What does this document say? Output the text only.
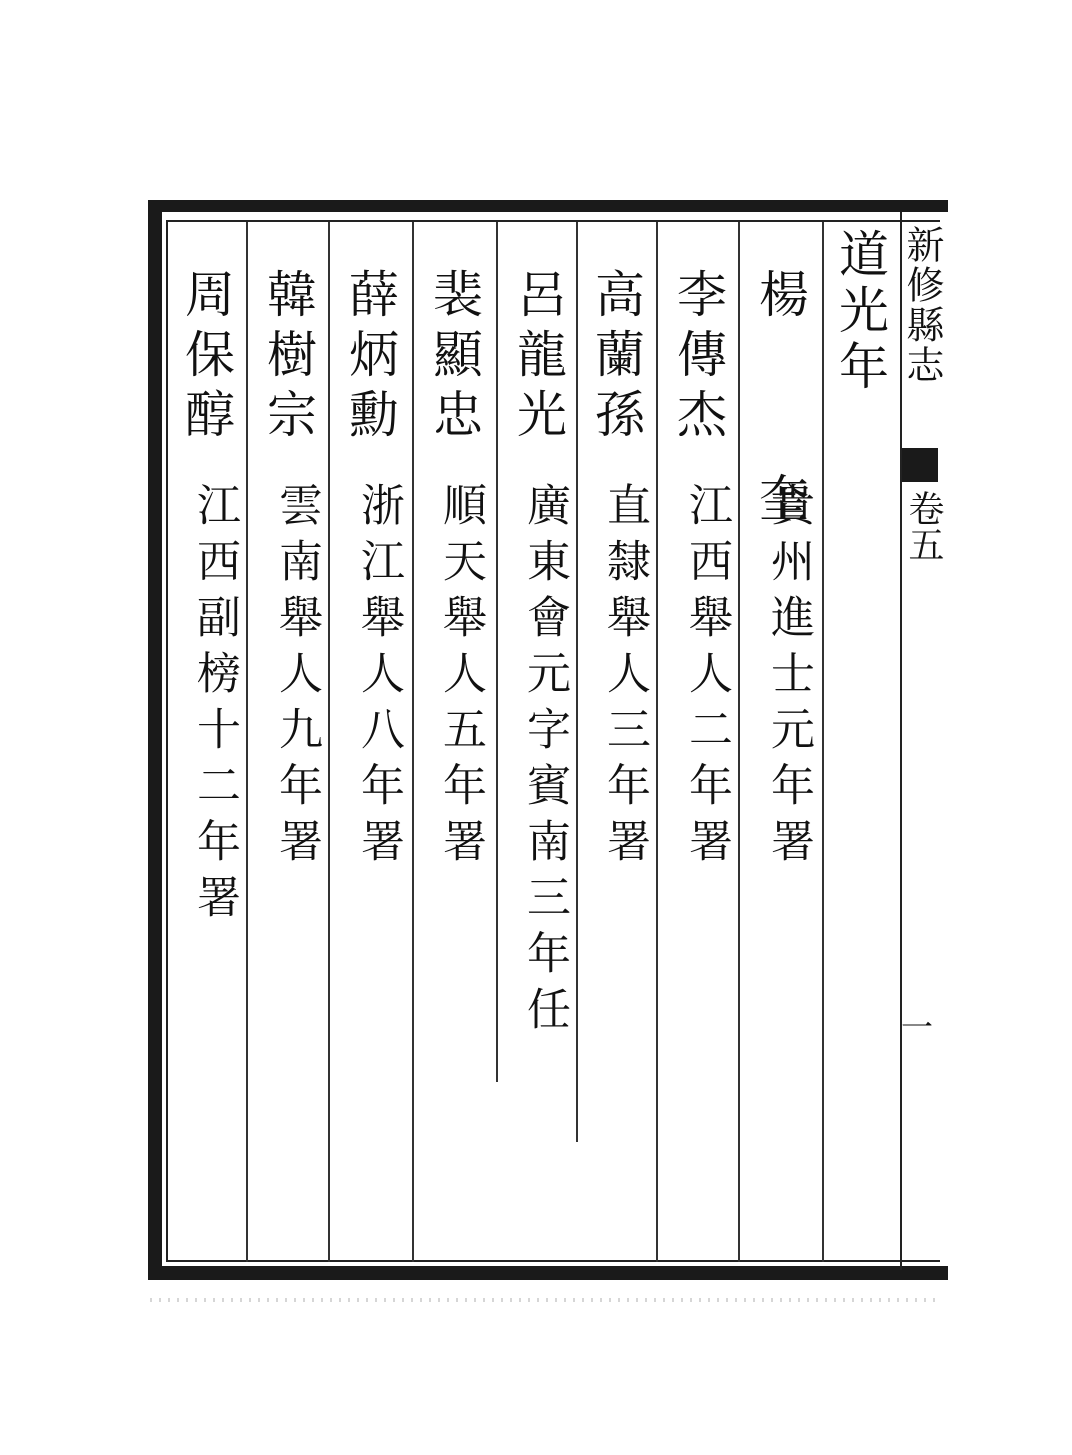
新修縣志
卷五
一
道光年
楊 奎
貴州進士元年署
李傳杰
江西舉人二年署
高蘭孫
直隸舉人三年署
呂龍光
廣東會元字賓南三年任
裴顯忠
順天舉人五年署
薛炳勳
浙江舉人八年署
韓樹宗
雲南舉人九年署
周保醇
江西副榜十二年署
